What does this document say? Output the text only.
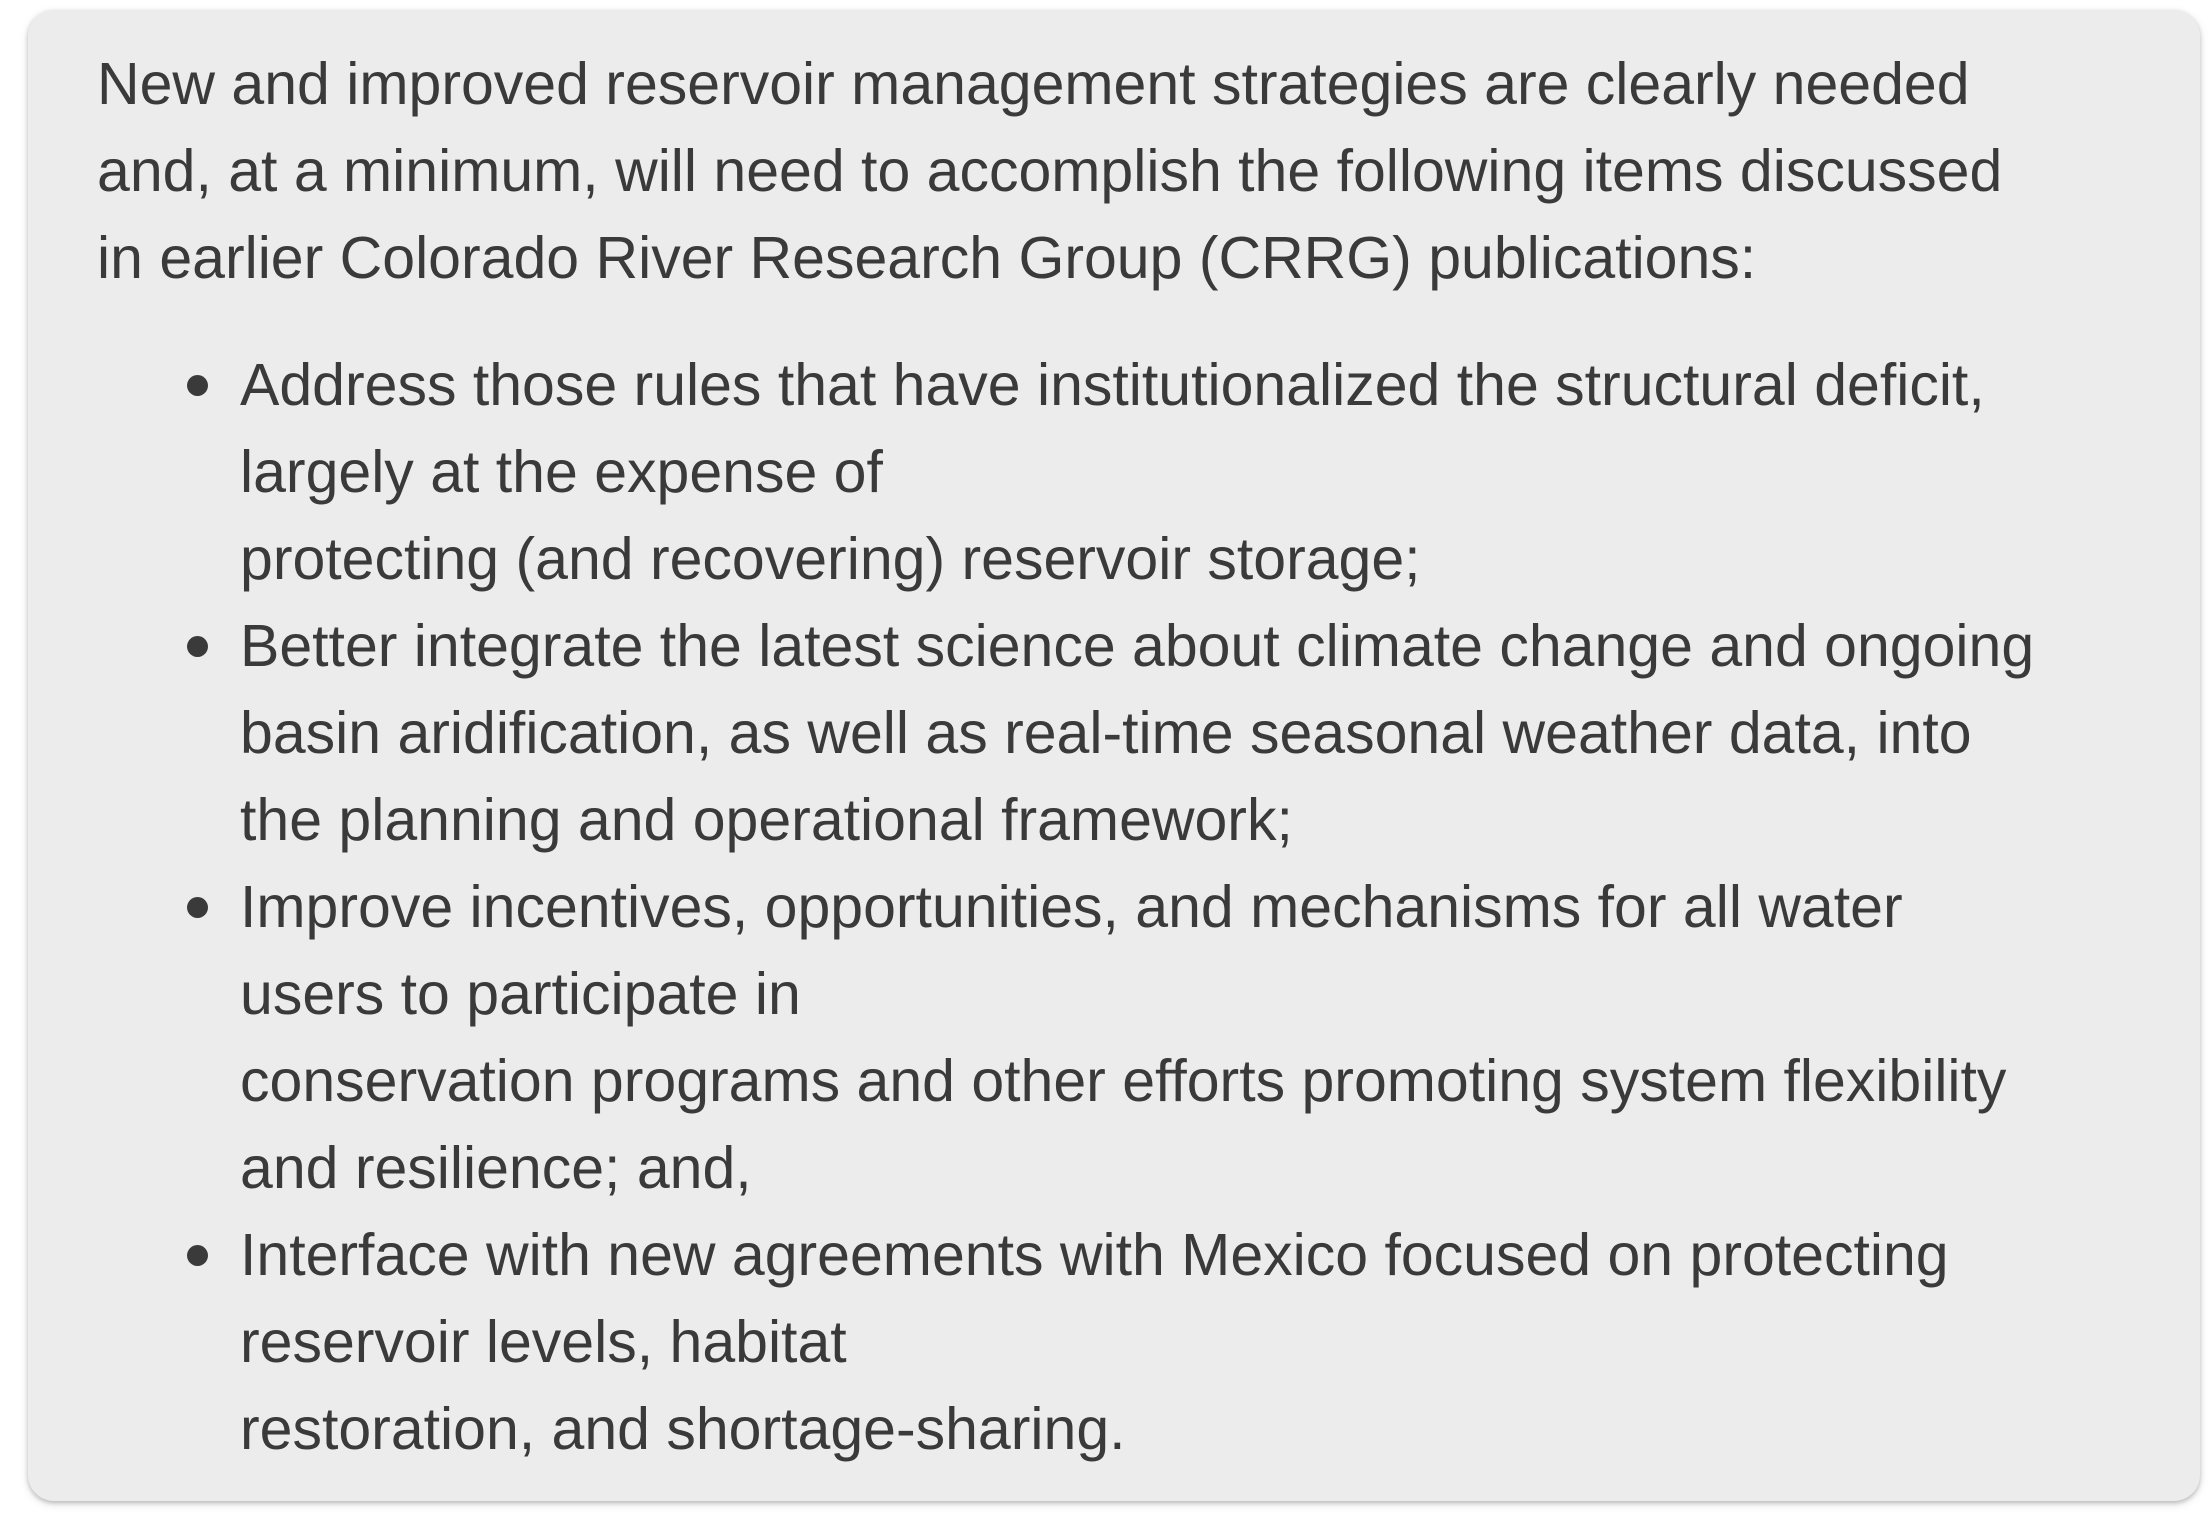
New and improved reservoir management strategies are clearly needed
and, at a minimum, will need to accomplish the following items discussed
in earlier Colorado River Research Group (CRRG) publications:
Address those rules that have institutionalized the structural deficit,
largely at the expense of
protecting (and recovering) reservoir storage;
Better integrate the latest science about climate change and ongoing
basin aridification, as well as real-time seasonal weather data, into
the planning and operational framework;
Improve incentives, opportunities, and mechanisms for all water
users to participate in
conservation programs and other efforts promoting system flexibility
and resilience; and,
Interface with new agreements with Mexico focused on protecting
reservoir levels, habitat
restoration, and shortage-sharing.
